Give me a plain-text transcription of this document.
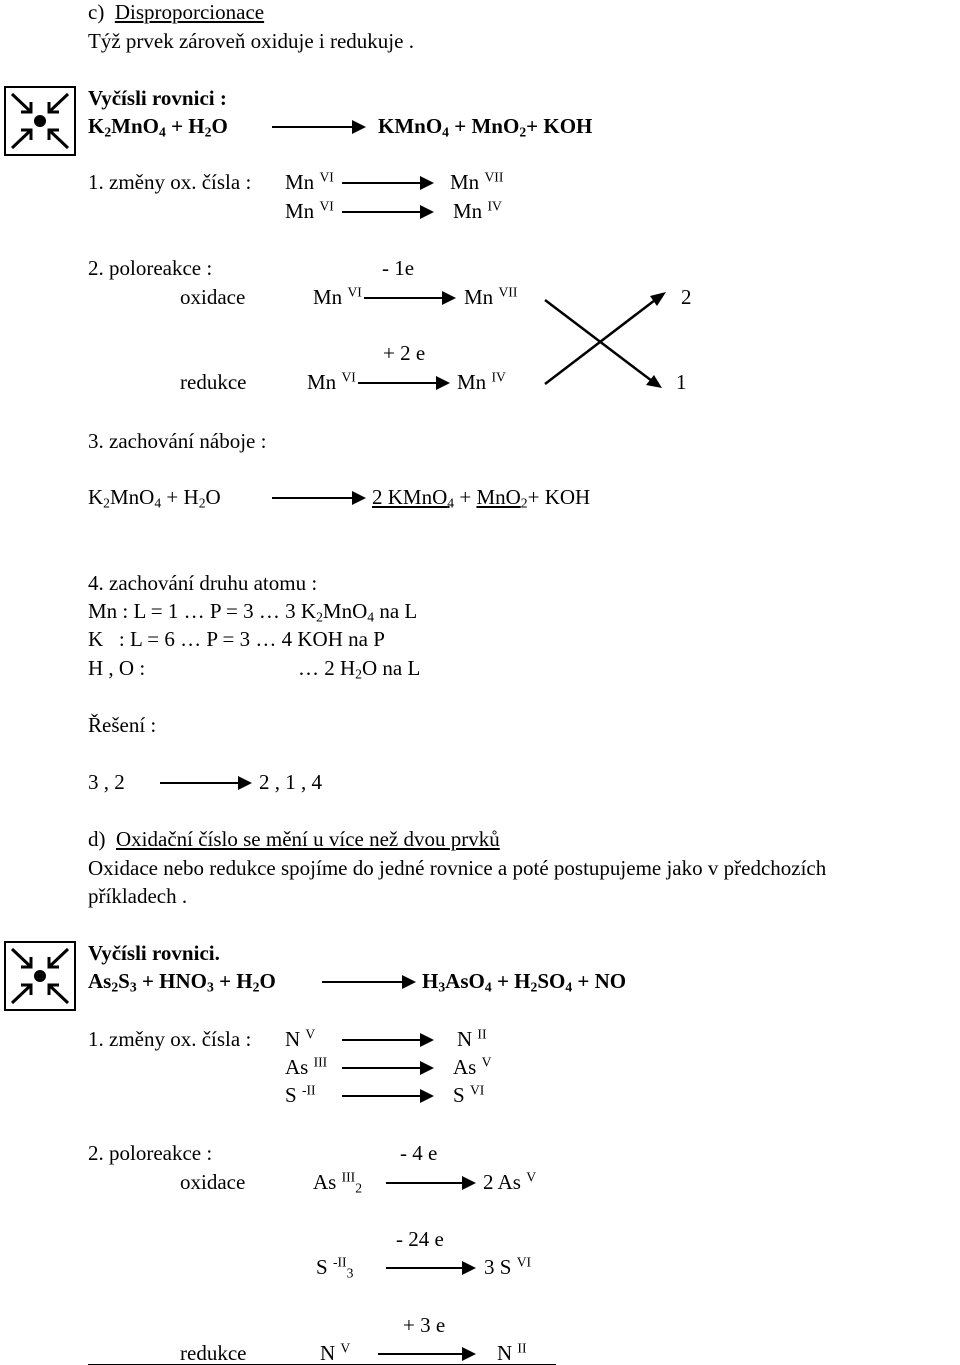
c) Disproporcionace
Týž prvek zároveň oxiduje i redukuje .
Vyčísli rovnici :
$K_2MnO_4 + H_2O$	KMnO$_4$ + MnO$_2$+ KOH
1. změny ox. čísla : Mn $^{VI}$	Mn $^{VII}$
Mn $^{VI}$	Mn $^{IV}$
2. poloreakce :	- 1e
oxidace	Mn $^{VI}$	Mn $^{VII}$	2
+ 2 e
redukce	Mn $^{VI}$	Mn $^{IV}$	1
3. zachování náboje :
$K_2MnO_4 + H_2O$	2 KMnO$_4$ + MnO$_2$+ KOH
4. zachování druhu atomu :
Mn : L = 1 … P = 3 … 3 $K_2MnO_4$ na L
K   : L = 6 … P = 3 … 4 KOH na P
H , O :	… 2 $H_2O$ na L
Řešení :
3 , 2	2 , 1 , 4
d) Oxidační číslo se mění u více než dvou prvků
Oxidace nebo redukce spojíme do jedné rovnice a poté postupujeme jako v předchozích
příkladech .
Vyčísli rovnici.
$As_2S_3 + HNO_3 + H_2O$	$H_3AsO_4 + H_2SO_4$ + NO
1. změny ox. čísla : N $^V$	N $^{II}$
As $^{III}$	As $^V$
S $^{-II}$	S $^{VI}$
2. poloreakce :	- 4 e
oxidace	As $^{III}_2$	2 As $^V$
- 24 e
S $^{-II}_3$	3 S $^{VI}$
+ 3 e
redukce	N $^V$	N $^{II}$
